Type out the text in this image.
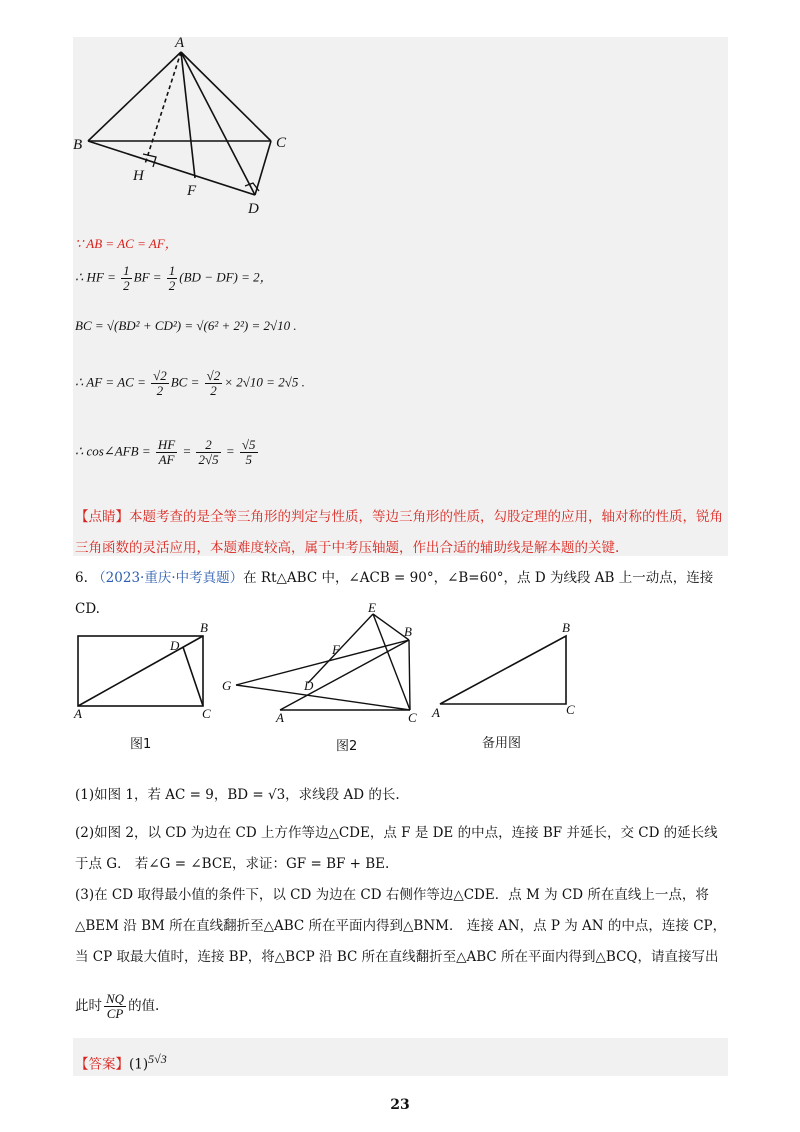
A
B	C
D
H
F
∵ AB = AC = AF，
∴ HF = $\frac{1}{2}$ BF = $\frac{1}{2} (BD - DF) = 2$，
BC = √(BD² + CD²) = √(6² + 2²) = 2√10 .
∴ AF = AC = $\frac{√2}{2}$ BC = $\frac{√2}{2} \times 2√10 = 2√5$ .
∴ cos∠AFB = $\frac{HF}{AF} = \frac{2}{2√5} = \frac{√5}{5}$
【点睛】本题考查的是全等三角形的判定与性质，等边三角形的性质，勾股定理的应用，轴对称的性质，锐角三角函数的灵活应用，本题难度较高，属于中考压轴题，作出合适的辅助线是解本题的关键.
6. （2023·重庆·中考真题）在 Rt△ABC 中，∠ACB = 90°，∠B=60°，点 D 为线段 AB 上一动点，连接 CD.
A
B
C
D
图1
A
B
C
D
E
F
G
图2
A
B
C
备用图
(1)如图 1，若 AC = 9，BD = √3，求线段 AD 的长.
(2)如图 2，以 CD 为边在 CD 上方作等边△CDE，点 F 是 DE 的中点，连接 BF 并延长，交 CD 的延长线于点 G． 若∠G = ∠BCE，求证：GF = BF + BE.
(3)在 CD 取得最小值的条件下，以 CD 为边在 CD 右侧作等边△CDE．点 M 为 CD 所在直线上一点，将△BEM 沿 BM 所在直线翻折至△ABC 所在平面内得到△BNM． 连接 AN，点 P 为 AN 的中点，连接 CP，当 CP 取最大值时，连接 BP，将△BCP 沿 BC 所在直线翻折至△ABC 所在平面内得到△BCQ，请直接写出
此时 $\frac{NQ}{CP}$ 的值.
【答案】$(1)^{5√3}$
23
